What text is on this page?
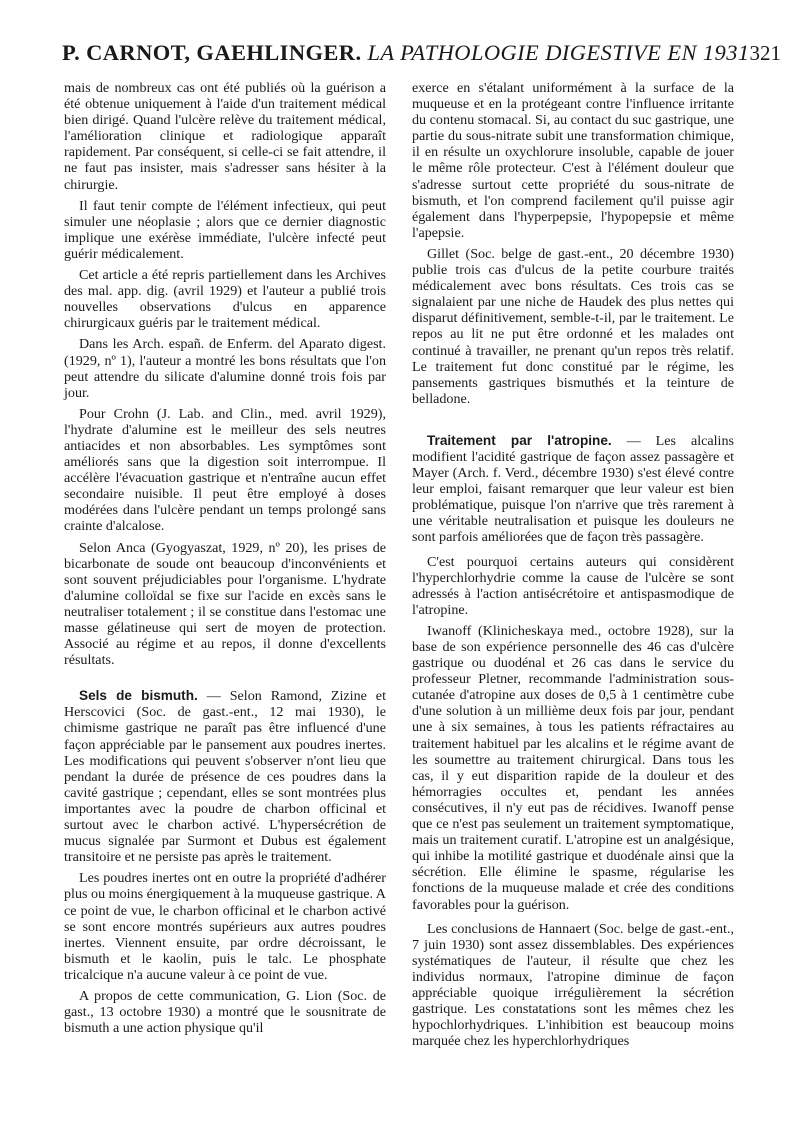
P. CARNOT, GAEHLINGER. LA PATHOLOGIE DIGESTIVE EN 1931 321

mais de nombreux cas ont été publiés où la guérison a été obtenue uniquement à l'aide d'un traitement médical bien dirigé. Quand l'ulcère relève du traitement médical, l'amélioration clinique et radiologique apparaît rapidement. Par conséquent, si celle-ci se fait attendre, il ne faut pas insister, mais s'adresser sans hésiter à la chirurgie.

Il faut tenir compte de l'élément infectieux, qui peut simuler une néoplasie ; alors que ce dernier diagnostic implique une exérèse immédiate, l'ulcère infecté peut guérir médicalement.

Cet article a été repris partiellement dans les Archives des mal. app. dig. (avril 1929) et l'auteur a publié trois nouvelles observations d'ulcus en apparence chirurgicaux guéris par le traitement médical.

Dans les Arch. españ. de Enferm. del Aparato digest. (1929, nº 1), l'auteur a montré les bons résultats que l'on peut attendre du silicate d'alumine donné trois fois par jour.

Pour Crohn (J. Lab. and Clin., med. avril 1929), l'hydrate d'alumine est le meilleur des sels neutres antiacides et non absorbables. Les symptômes sont améliorés sans que la digestion soit interrompue. Il accélère l'évacuation gastrique et n'entraîne aucun effet secondaire nuisible. Il peut être employé à doses modérées dans l'ulcère pendant un temps prolongé sans crainte d'alcalose.

Selon Anca (Gyogyaszat, 1929, nº 20), les prises de bicarbonate de soude ont beaucoup d'inconvénients et sont souvent préjudiciables pour l'organisme. L'hydrate d'alumine colloïdal se fixe sur l'acide en excès sans le neutraliser totalement ; il se constitue dans l'estomac une masse gélatineuse qui sert de moyen de protection. Associé au régime et au repos, il donne d'excellents résultats.

Sels de bismuth. — Selon Ramond, Zizine et Herscovici (Soc. de gast.-ent., 12 mai 1930), le chimisme gastrique ne paraît pas être influencé d'une façon appréciable par le pansement aux poudres inertes. Les modifications qui peuvent s'observer n'ont lieu que pendant la durée de présence de ces poudres dans la cavité gastrique ; cependant, elles se sont montrées plus importantes avec la poudre de charbon officinal et surtout avec le charbon activé. L'hypersécrétion de mucus signalée par Surmont et Dubus est également transitoire et ne persiste pas après le traitement.

Les poudres inertes ont en outre la propriété d'adhérer plus ou moins énergiquement à la muqueuse gastrique. A ce point de vue, le charbon officinal et le charbon activé se sont encore montrés supérieurs aux autres poudres inertes. Viennent ensuite, par ordre décroissant, le bismuth et le kaolin, puis le talc. Le phosphate tricalcique n'a aucune valeur à ce point de vue.

A propos de cette communication, G. Lion (Soc. de gast., 13 octobre 1930) a montré que le sousnitrate de bismuth a une action physique qu'il

exerce en s'étalant uniformément à la surface de la muqueuse et en la protégeant contre l'influence irritante du contenu stomacal. Si, au contact du suc gastrique, une partie du sous-nitrate subit une transformation chimique, il en résulte un oxychlorure insoluble, capable de jouer le même rôle protecteur. C'est à l'élément douleur que s'adresse surtout cette propriété du sous-nitrate de bismuth, et l'on comprend facilement qu'il puisse agir également dans l'hyperpepsie, l'hypopepsie et même l'apepsie.

Gillet (Soc. belge de gast.-ent., 20 décembre 1930) publie trois cas d'ulcus de la petite courbure traités médicalement avec bons résultats. Ces trois cas se signalaient par une niche de Haudek des plus nettes qui disparut définitivement, semble-t-il, par le traitement. Le repos au lit ne put être ordonné et les malades ont continué à travailler, ne prenant qu'un repos très relatif. Le traitement fut donc constitué par le régime, les pansements gastriques bismuthés et la teinture de belladone.

Traitement par l'atropine. — Les alcalins modifient l'acidité gastrique de façon assez passagère et Mayer (Arch. f. Verd., décembre 1930) s'est élevé contre leur emploi, faisant remarquer que leur valeur est bien problématique, puisque l'on n'arrive que très rarement à une véritable neutralisation et puisque les douleurs ne sont parfois améliorées que de façon très passagère.

C'est pourquoi certains auteurs qui considèrent l'hyperchlorhydrie comme la cause de l'ulcère se sont adressés à l'action antisécrétoire et antispasmodique de l'atropine.

Iwanoff (Klinicheskaya med., octobre 1928), sur la base de son expérience personnelle des 46 cas d'ulcère gastrique ou duodénal et 26 cas dans le service du professeur Pletner, recommande l'administration sous-cutanée d'atropine aux doses de 0,5 à 1 centimètre cube d'une solution à un millième deux fois par jour, pendant une à six semaines, à tous les patients réfractaires au traitement habituel par les alcalins et le régime avant de les soumettre au traitement chirurgical. Dans tous les cas, il y eut disparition rapide de la douleur et des hémorragies occultes et, pendant les années consécutives, il n'y eut pas de récidives. Iwanoff pense que ce n'est pas seulement un traitement symptomatique, mais un traitement curatif. L'atropine est un analgésique, qui inhibe la motilité gastrique et duodénale ainsi que la sécrétion. Elle élimine le spasme, régularise les fonctions de la muqueuse malade et crée des conditions favorables pour la guérison.

Les conclusions de Hannaert (Soc. belge de gast.-ent., 7 juin 1930) sont assez dissemblables. Des expériences systématiques de l'auteur, il résulte que chez les individus normaux, l'atropine diminue de façon appréciable quoique irrégulièrement la sécrétion gastrique. Les constatations sont les mêmes chez les hypochlorhydriques. L'inhibition est beaucoup moins marquée chez les hyperchlorhydriques
